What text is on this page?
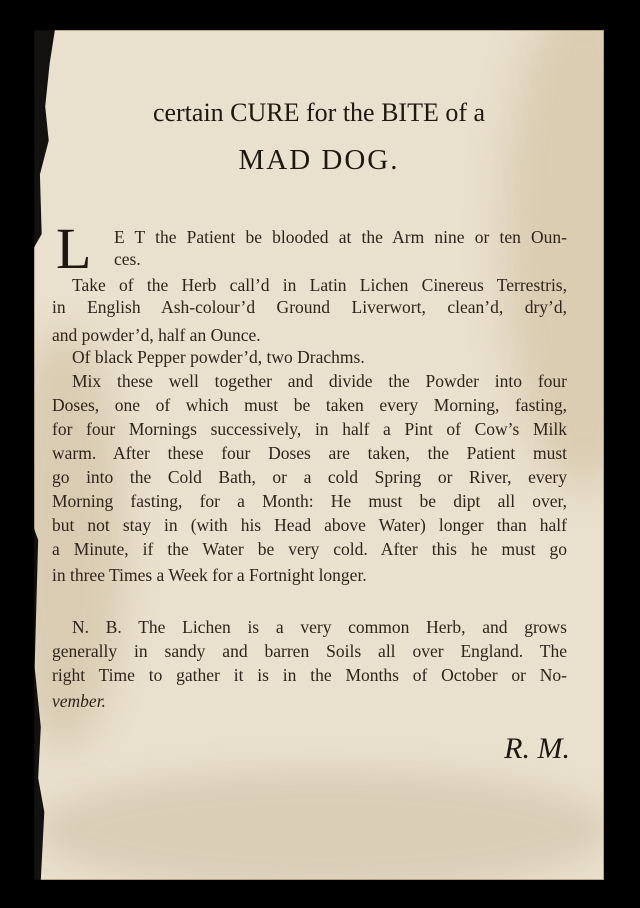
certain CURE for the BITE of a
MAD DOG.
L E T the Patient be blooded at the Arm nine or ten Oun-
ces.
Take of the Herb call’d in Latin Lichen Cinereus Terrestris,
in English Ash-colour’d Ground Liverwort, clean’d, dry’d,
and powder’d, half an Ounce.
Of black Pepper powder’d, two Drachms.
Mix these well together and divide the Powder into four
Doses, one of which must be taken every Morning, fasting,
for four Mornings successively, in half a Pint of Cow’s Milk
warm. After these four Doses are taken, the Patient must
go into the Cold Bath, or a cold Spring or River, every
Morning fasting, for a Month: He must be dipt all over,
but not stay in (with his Head above Water) longer than half
a Minute, if the Water be very cold. After this he must go
in three Times a Week for a Fortnight longer.
N. B. The Lichen is a very common Herb, and grows
generally in sandy and barren Soils all over England. The
right Time to gather it is in the Months of October or No-
vember.
R. M.
